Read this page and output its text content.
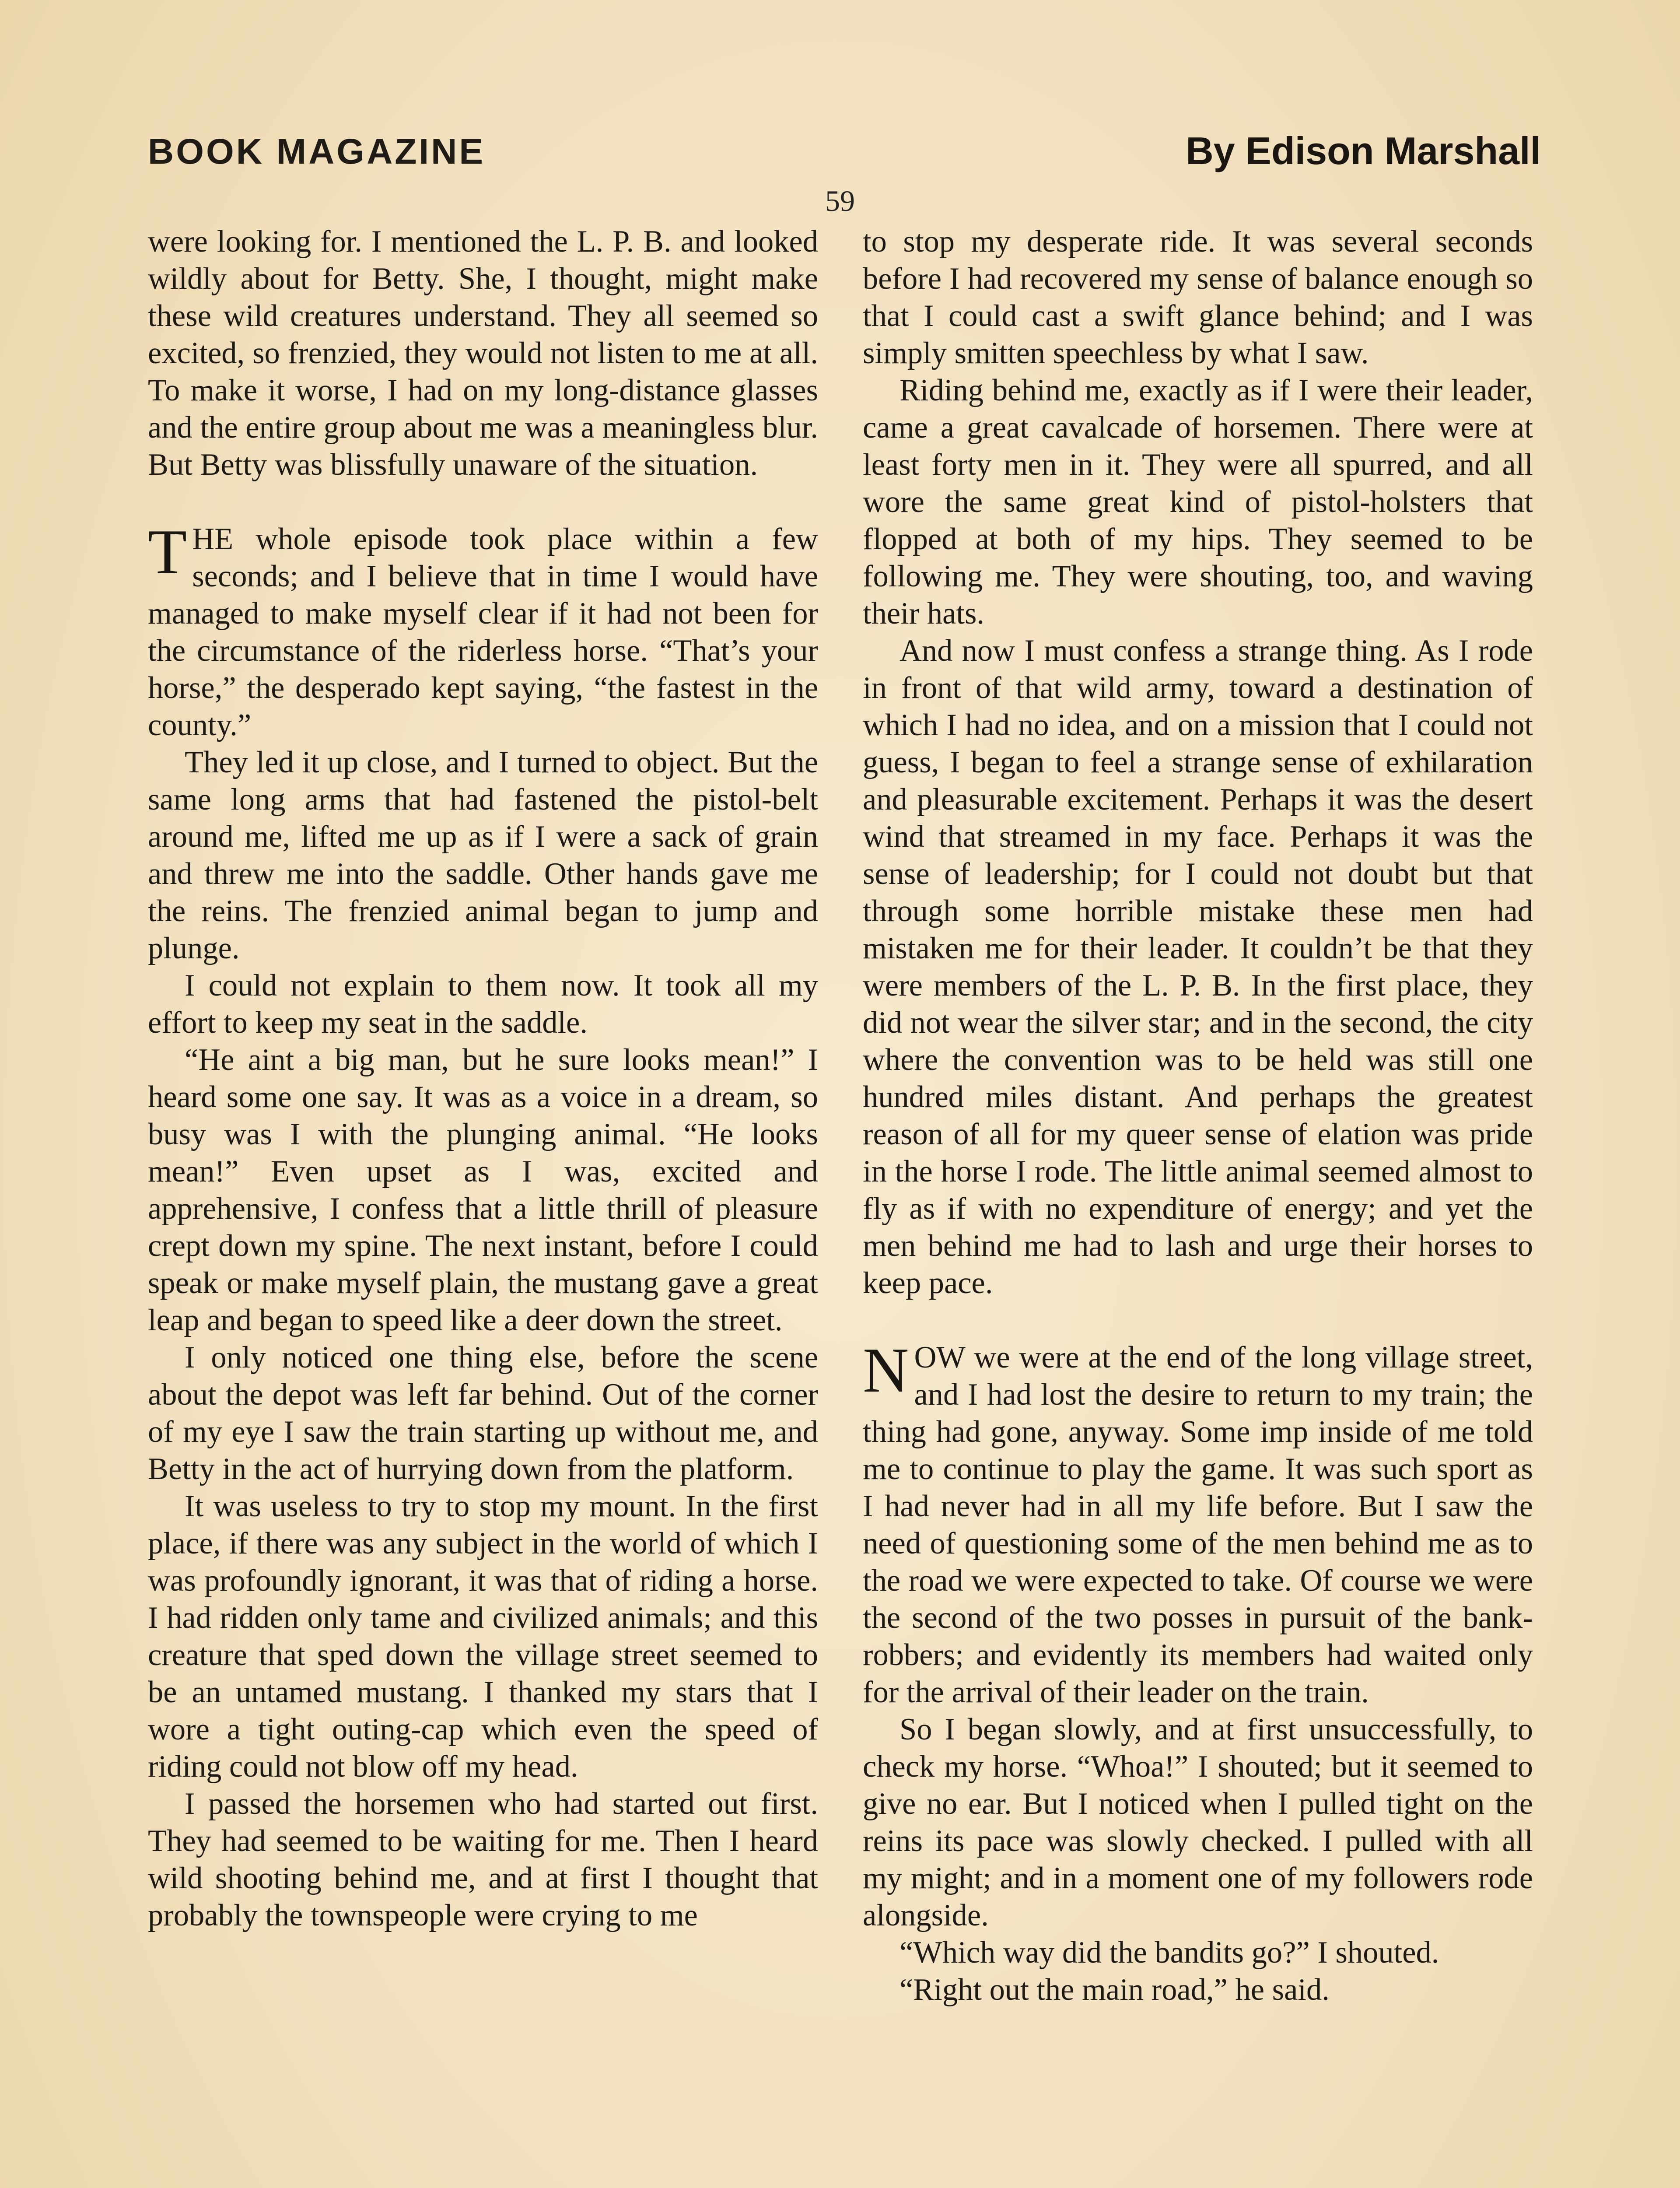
BOOK MAGAZINE	By Edison Marshall
59

were looking for. I mentioned the L. P. B. and looked wildly about for Betty. She, I thought, might make these wild creatures understand. They all seemed so excited, so frenzied, they would not listen to me at all. To make it worse, I had on my long-distance glasses and the entire group about me was a meaningless blur. But Betty was blissfully unaware of the situation.

THE whole episode took place within a few seconds; and I believe that in time I would have managed to make myself clear if it had not been for the circumstance of the riderless horse. “That’s your horse,” the desperado kept saying, “the fastest in the county.”

They led it up close, and I turned to object. But the same long arms that had fastened the pistol-belt around me, lifted me up as if I were a sack of grain and threw me into the saddle. Other hands gave me the reins. The frenzied animal began to jump and plunge.

I could not explain to them now. It took all my effort to keep my seat in the saddle.

“He aint a big man, but he sure looks mean!” I heard some one say. It was as a voice in a dream, so busy was I with the plunging animal. “He looks mean!” Even upset as I was, excited and apprehensive, I confess that a little thrill of pleasure crept down my spine. The next instant, before I could speak or make myself plain, the mustang gave a great leap and began to speed like a deer down the street.

I only noticed one thing else, before the scene about the depot was left far behind. Out of the corner of my eye I saw the train starting up without me, and Betty in the act of hurrying down from the platform.

It was useless to try to stop my mount. In the first place, if there was any subject in the world of which I was profoundly ignorant, it was that of riding a horse. I had ridden only tame and civilized animals; and this creature that sped down the village street seemed to be an untamed mustang. I thanked my stars that I wore a tight outing-cap which even the speed of riding could not blow off my head.

I passed the horsemen who had started out first. They had seemed to be waiting for me. Then I heard wild shooting behind me, and at first I thought that probably the townspeople were crying to me

to stop my desperate ride. It was several seconds before I had recovered my sense of balance enough so that I could cast a swift glance behind; and I was simply smitten speechless by what I saw.

Riding behind me, exactly as if I were their leader, came a great cavalcade of horsemen. There were at least forty men in it. They were all spurred, and all wore the same great kind of pistol-holsters that flopped at both of my hips. They seemed to be following me. They were shouting, too, and waving their hats.

And now I must confess a strange thing. As I rode in front of that wild army, toward a destination of which I had no idea, and on a mission that I could not guess, I began to feel a strange sense of exhilaration and pleasurable excitement. Perhaps it was the desert wind that streamed in my face. Perhaps it was the sense of leadership; for I could not doubt but that through some horrible mistake these men had mistaken me for their leader. It couldn’t be that they were members of the L. P. B. In the first place, they did not wear the silver star; and in the second, the city where the convention was to be held was still one hundred miles distant. And perhaps the greatest reason of all for my queer sense of elation was pride in the horse I rode. The little animal seemed almost to fly as if with no expenditure of energy; and yet the men behind me had to lash and urge their horses to keep pace.

NOW we were at the end of the long village street, and I had lost the desire to return to my train; the thing had gone, anyway. Some imp inside of me told me to continue to play the game. It was such sport as I had never had in all my life before. But I saw the need of questioning some of the men behind me as to the road we were expected to take. Of course we were the second of the two posses in pursuit of the bank-robbers; and evidently its members had waited only for the arrival of their leader on the train.

So I began slowly, and at first unsuccessfully, to check my horse. “Whoa!” I shouted; but it seemed to give no ear. But I noticed when I pulled tight on the reins its pace was slowly checked. I pulled with all my might; and in a moment one of my followers rode alongside.

“Which way did the bandits go?” I shouted.

“Right out the main road,” he said.
